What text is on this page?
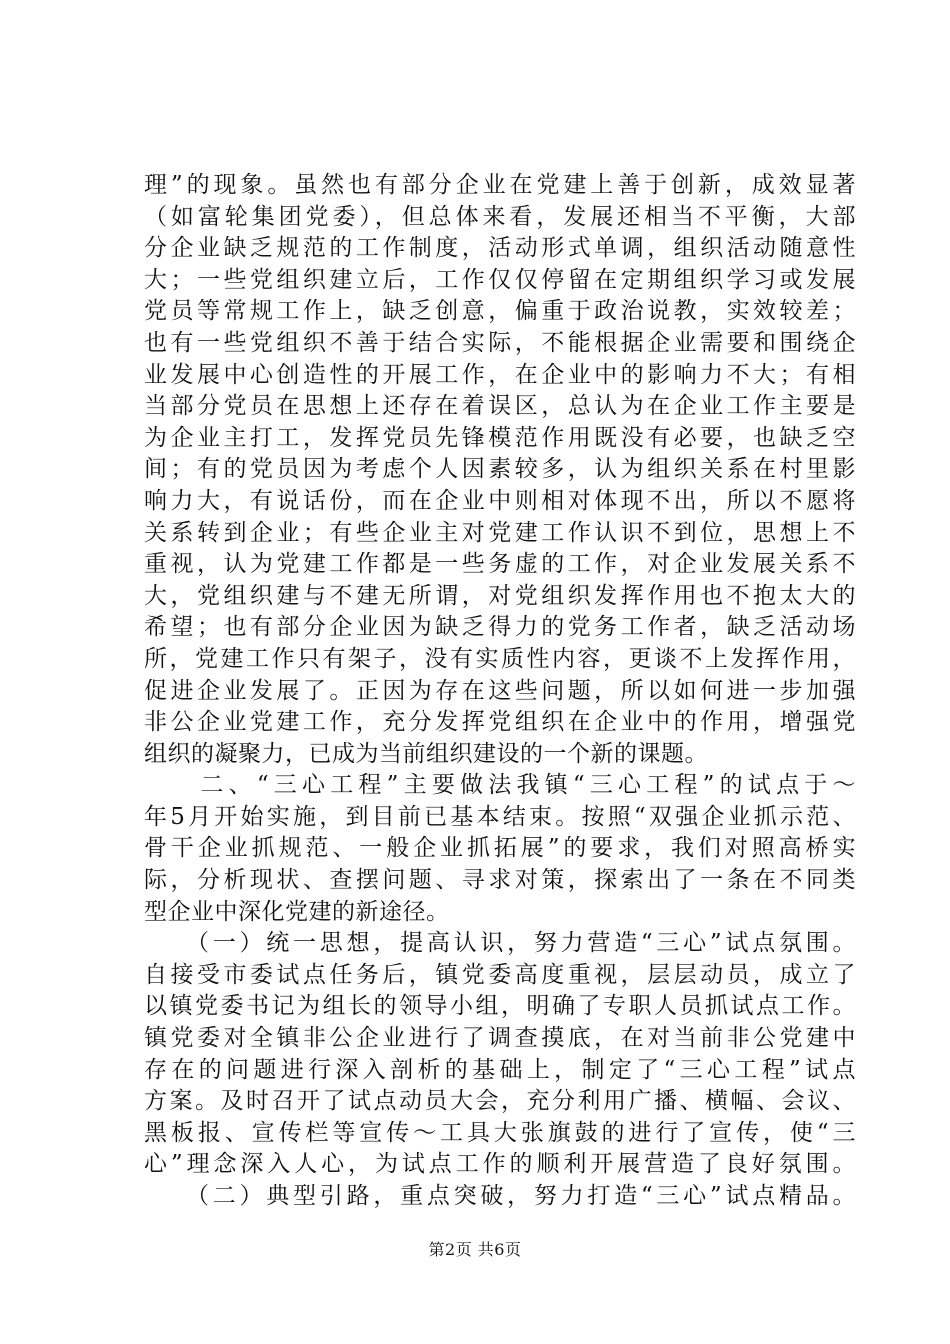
理”的现象。虽然也有部分企业在党建上善于创新，成效显著
（如富轮集团党委），但总体来看，发展还相当不平衡，大部
分企业缺乏规范的工作制度，活动形式单调，组织活动随意性
大；一些党组织建立后，工作仅仅停留在定期组织学习或发展
党员等常规工作上，缺乏创意，偏重于政治说教，实效较差；
也有一些党组织不善于结合实际，不能根据企业需要和围绕企
业发展中心创造性的开展工作，在企业中的影响力不大；有相
当部分党员在思想上还存在着误区，总认为在企业工作主要是
为企业主打工，发挥党员先锋模范作用既没有必要，也缺乏空
间；有的党员因为考虑个人因素较多，认为组织关系在村里影
响力大，有说话份，而在企业中则相对体现不出，所以不愿将
关系转到企业；有些企业主对党建工作认识不到位，思想上不
重视，认为党建工作都是一些务虚的工作，对企业发展关系不
大，党组织建与不建无所谓，对党组织发挥作用也不抱太大的
希望；也有部分企业因为缺乏得力的党务工作者，缺乏活动场
所，党建工作只有架子，没有实质性内容，更谈不上发挥作用，
促进企业发展了。正因为存在这些问题，所以如何进一步加强
非公企业党建工作，充分发挥党组织在企业中的作用，增强党
组织的凝聚力，已成为当前组织建设的一个新的课题。
　　二、“三心工程”主要做法我镇“三心工程”的试点于～
年5月开始实施，到目前已基本结束。按照“双强企业抓示范、
骨干企业抓规范、一般企业抓拓展”的要求，我们对照高桥实
际，分析现状、查摆问题、寻求对策，探索出了一条在不同类
型企业中深化党建的新途径。
　　（一）统一思想，提高认识，努力营造“三心”试点氛围。
自接受市委试点任务后，镇党委高度重视，层层动员，成立了
以镇党委书记为组长的领导小组，明确了专职人员抓试点工作。
镇党委对全镇非公企业进行了调查摸底，在对当前非公党建中
存在的问题进行深入剖析的基础上，制定了“三心工程”试点
方案。及时召开了试点动员大会，充分利用广播、横幅、会议、
黑板报、宣传栏等宣传～工具大张旗鼓的进行了宣传，使“三
心”理念深入人心，为试点工作的顺利开展营造了良好氛围。
　　（二）典型引路，重点突破，努力打造“三心”试点精品。
第2页 共6页
